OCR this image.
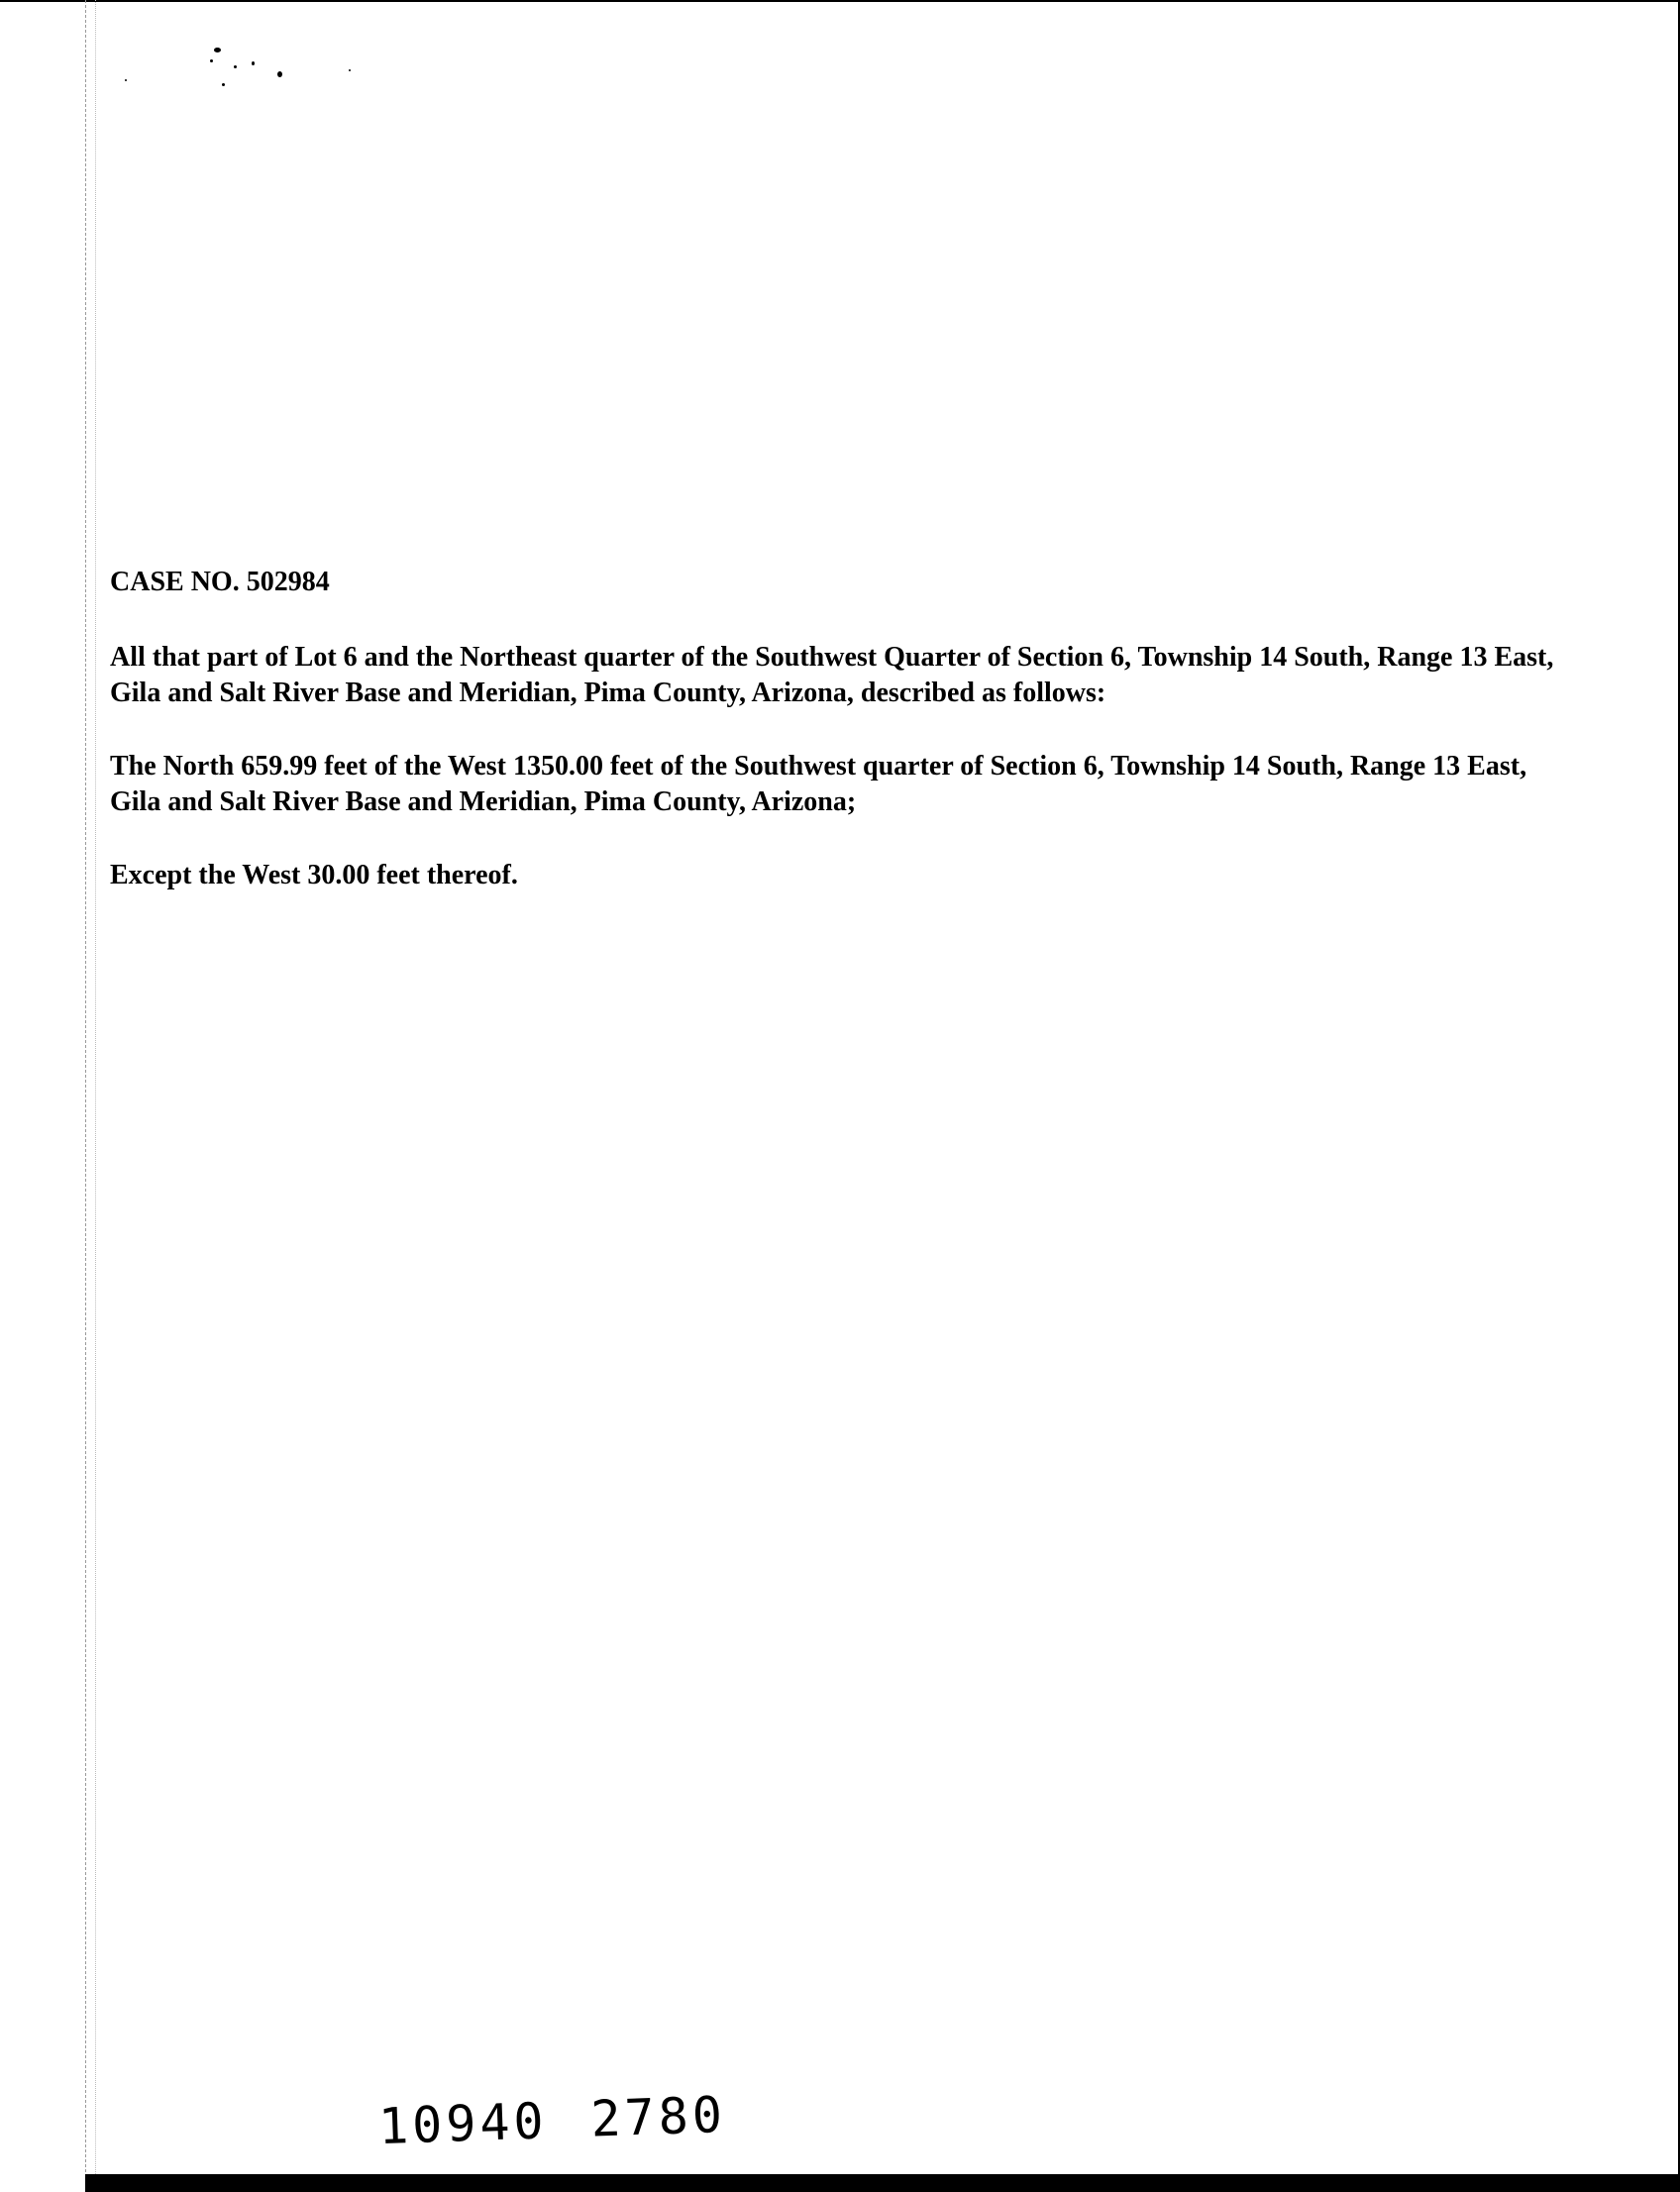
CASE NO. 502984
All that part of Lot 6 and the Northeast quarter of the Southwest Quarter of Section 6, Township 14 South, Range 13 East, Gila and Salt River Base and Meridian, Pima County, Arizona, described as follows:
The North 659.99 feet of the West 1350.00 feet of the Southwest quarter of Section 6, Township 14 South, Range 13 East, Gila and Salt River Base and Meridian, Pima County, Arizona;
Except the West 30.00 feet thereof.
10940 2780
